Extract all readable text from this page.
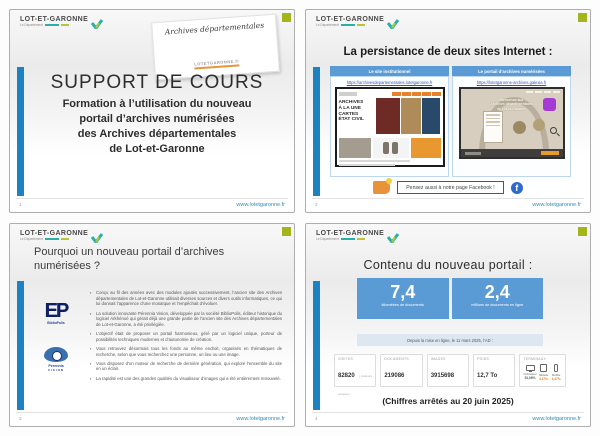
LOT-ET-GARONNE
Le Département	Archives départementales

LOTETGARONNE.fr
SUPPORT DE COURS
Formation à l’utilisation du nouveau
portail d’archives numérisées
des Archives départementales
de Lot-et-Garonne
1	www.lotetgaronne.fr
LOT-ET-GARONNE
Le Département
La persistance de deux sites Internet :
Le site institutionnel
https://archivesdepartementales.lotetgaronne.fr
ARCHIVES
À LA UNE
CARTES
ÉTAT CIVIL
Le portail d’archives numérisées
https://lotetgaronne-archives.galexia.fr
Bienvenue aux
Archives départementales
de Lot-et-Garonne
Pensez aussi à notre page Facebook !	f
2	www.lotetgaronne.fr
LOT-ET-GARONNE
Le Département
Pourquoi un nouveau portail d’archives numérisées ?
EP
BiblioPolis
Pérennia
VISION
▪ Conçu au fil des années avec des modules ajoutés successivement, l’ancien site des Archives départementales de Lot-et-Garonne utilisait diverses sources et divers outils informatiques, ce qui lui donnait l’apparence d’une mosaïque et l’empêchait d’évoluer.
▪ La solution innovante Pérennia Vision, développée par la société BiblioPolis, éditeur historique du logiciel Arkhénoé qui gérait déjà une grande partie de l’ancien site des Archives départementales de Lot-et-Garonne, a été privilégiée.
▪ L’objectif était de proposer un portail harmonieux, géré par un logiciel unique, porteur de possibilités techniques modernes et d’autonomie de création.
▪ Vous retrouvez désormais tous les fonds au même endroit, organisés en thématiques de recherche, selon que vous recherchez une personne, un lieu ou une image.
▪ Vous disposez d’un moteur de recherche de dernière génération, qui explore l’ensemble du site en un éclair.
▪ La rapidité est une des grandes qualités du visualiseur d’images qui a été entièrement renouvelé.
3	www.lotetgaronne.fr
LOT-ET-GARONNE
Le Département
Contenu du nouveau portail :
7,4
kilomètres de documents
2,4
millions de documents en ligne
Depuis la mise en ligne, le 11 mars 2025, l’AD :
VISITES
82820 ( visiteurs uniques )
DOCUMENTS
219086
IMAGES
3915698
POIDS
12,7 To
TERMINAUX
Ordinateur
91,06%
Tablette
4,47%
Mobile
4,47%
(Chiffres arrêtés au 20 juin 2025)
4	www.lotetgaronne.fr
